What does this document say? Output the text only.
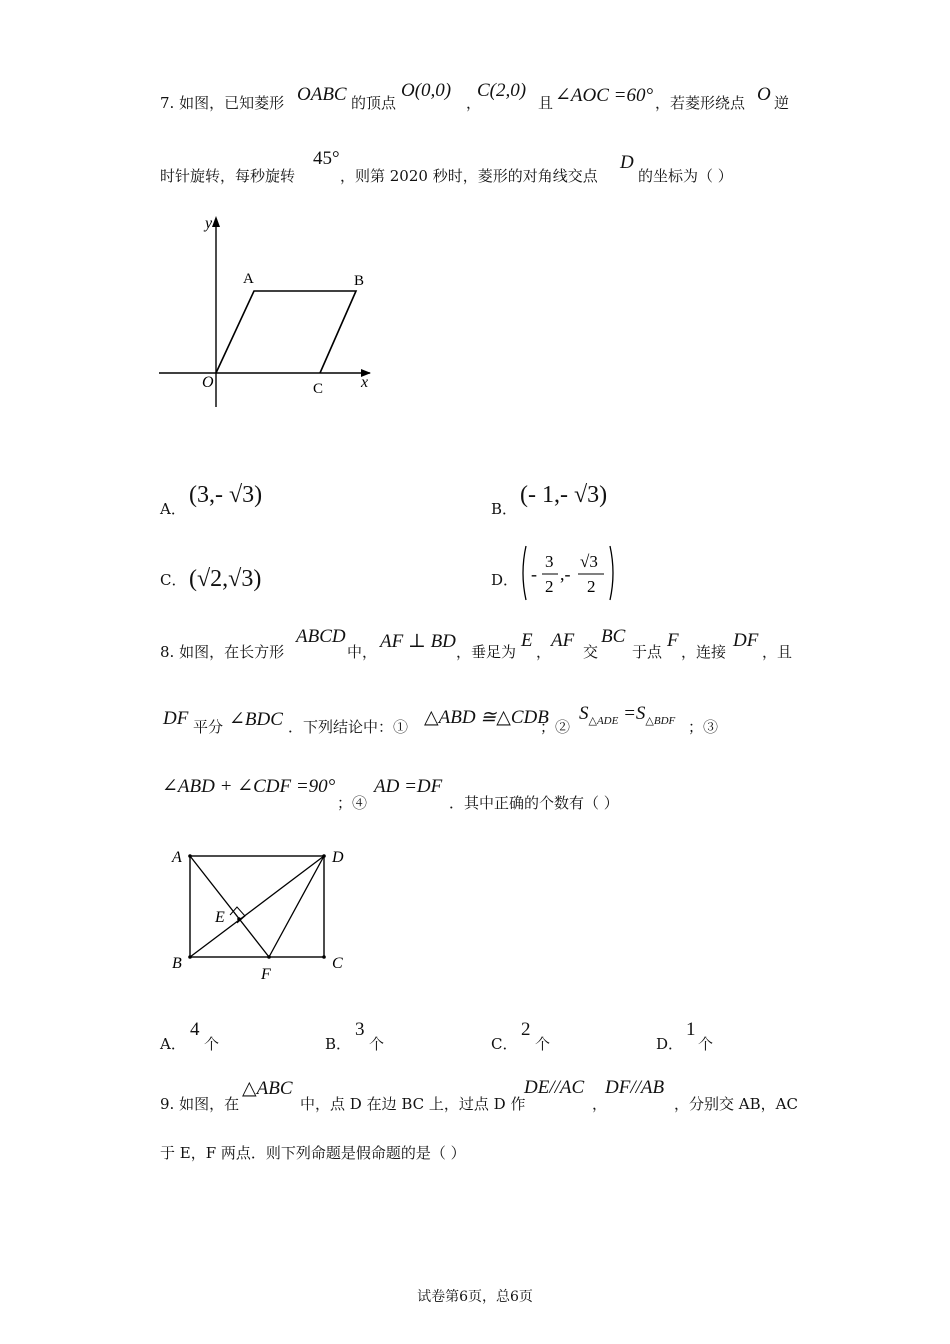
7. 如图，已知菱形 OABC 的顶点
O(0,0)
，
C(2,0)
且 ∠AOC =60° ，若菱形绕点 O 逆
时针旋转，每秒旋转
45°
，则第 2020 秒时，菱形的对角线交点
D
的坐标为（ ）
y
x
O
A	B
C
A．
(3,- √3)
B．
(- 1,- √3)
C． (√2,√3)	D． -
3
2
,-
√3
2
8. 如图，在长方形
ABCD
中， AF ⊥ BD ，垂足为
E
，
AF
交
BC
于点
F
，连接
DF
，且
DF 平分 ∠BDC ．下列结论中：① △ABD ≅△CDB
；②
$S_{\triangle ADE} =S_{\triangle BDF}$ ；③
∠ABD + ∠CDF =90°
；④
AD =DF
．其中正确的个数有（ ）
A	D
E
B
F
C
A．
4
个	B．
3
个	C．
2
个	D．
1
个
9. 如图，在
△ABC
中，点 D 在边 BC 上，过点 D 作
DE//AC
，
DF//AB
，分别交 AB，AC
于 E，F 两点．则下列命题是假命题的是（ ）
试卷第6页，总6页
